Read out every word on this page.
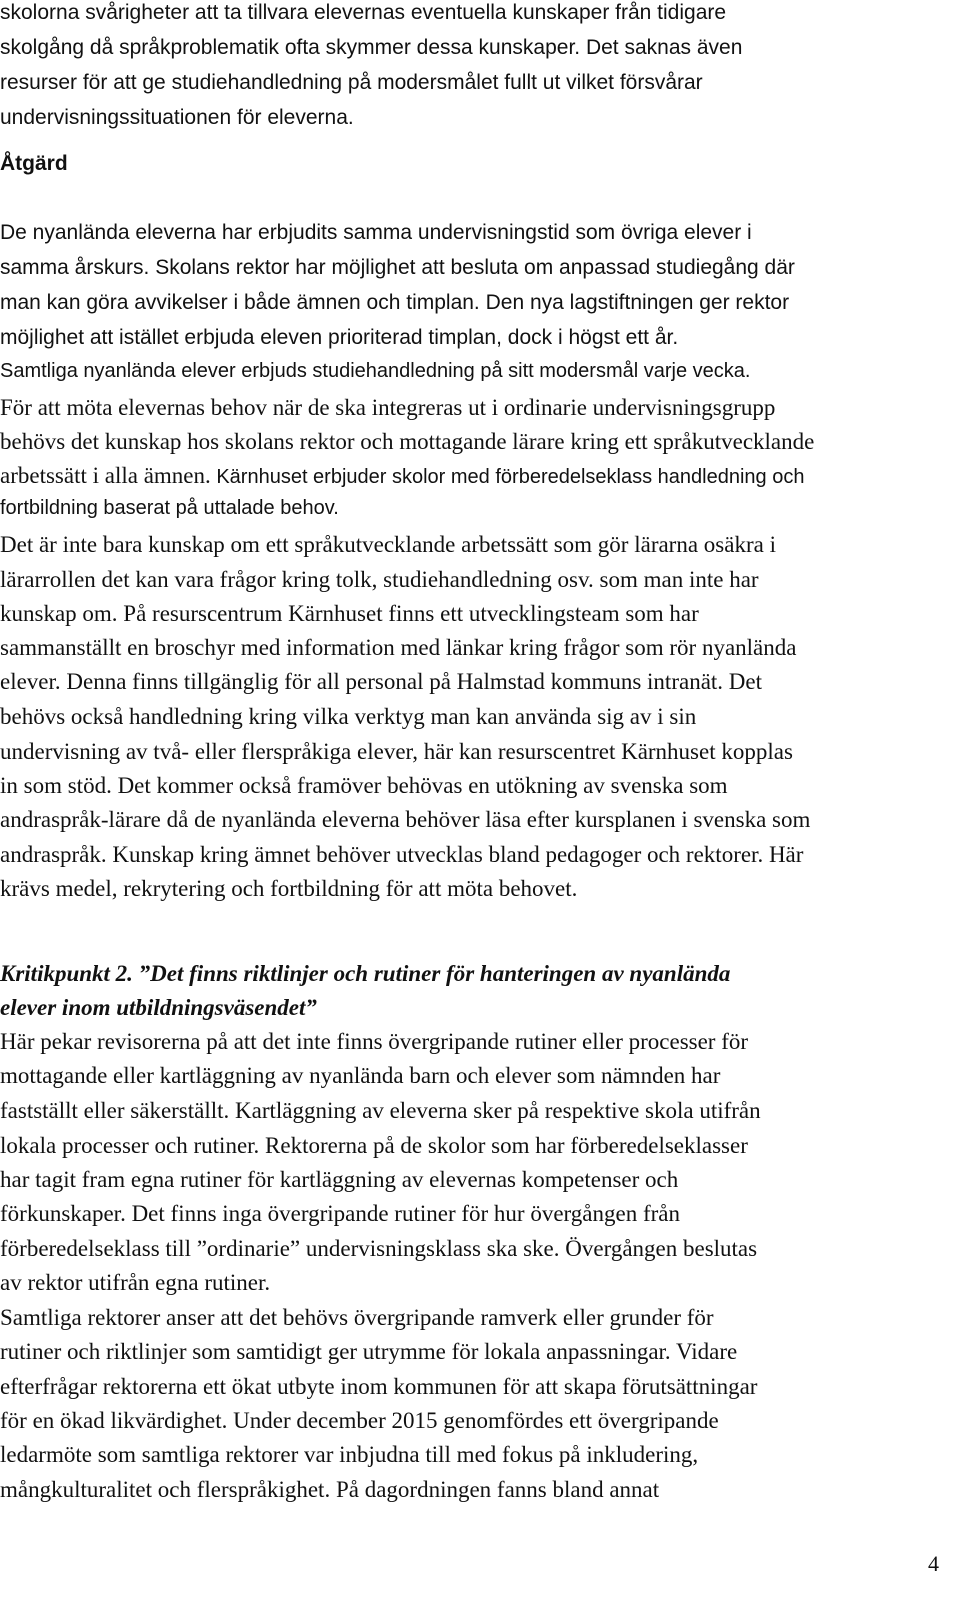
skolorna svårigheter att ta tillvara elevernas eventuella kunskaper från tidigare
skolgång då språkproblematik ofta skymmer dessa kunskaper. Det saknas även
resurser för att ge studiehandledning på modersmålet fullt ut vilket försvårar
undervisningssituationen för eleverna.
Åtgärd
De nyanlända eleverna har erbjudits samma undervisningstid som övriga elever i
samma årskurs. Skolans rektor har möjlighet att besluta om anpassad studiegång där
man kan göra avvikelser i både ämnen och timplan. Den nya lagstiftningen ger rektor
möjlighet att istället erbjuda eleven prioriterad timplan, dock i högst ett år.
Samtliga nyanlända elever erbjuds studiehandledning på sitt modersmål varje vecka.
För att möta elevernas behov när de ska integreras ut i ordinarie undervisningsgrupp
behövs det kunskap hos skolans rektor och mottagande lärare kring ett språkutvecklande
arbetssätt i alla ämnen. Kärnhuset erbjuder skolor med förberedelseklass handledning och
fortbildning baserat på uttalade behov.
Det är inte bara kunskap om ett språkutvecklande arbetssätt som gör lärarna osäkra i
lärarrollen det kan vara frågor kring tolk, studiehandledning osv. som man inte har
kunskap om. På resurscentrum Kärnhuset finns ett utvecklingsteam som har
sammanställt en broschyr med information med länkar kring frågor som rör nyanlända
elever. Denna finns tillgänglig för all personal på Halmstad kommuns intranät. Det
behövs också handledning kring vilka verktyg man kan använda sig av i sin
undervisning av två- eller flerspråkiga elever, här kan resurscentret Kärnhuset kopplas
in som stöd. Det kommer också framöver behövas en utökning av svenska som
andraspråk-lärare då de nyanlända eleverna behöver läsa efter kursplanen i svenska som
andraspråk. Kunskap kring ämnet behöver utvecklas bland pedagoger och rektorer. Här
krävs medel, rekrytering och fortbildning för att möta behovet.
Kritikpunkt 2. ”Det finns riktlinjer och rutiner för hanteringen av nyanlända
elever inom utbildningsväsendet”
Här pekar revisorerna på att det inte finns övergripande rutiner eller processer för
mottagande eller kartläggning av nyanlända barn och elever som nämnden har
fastställt eller säkerställt. Kartläggning av eleverna sker på respektive skola utifrån
lokala processer och rutiner. Rektorerna på de skolor som har förberedelseklasser
har tagit fram egna rutiner för kartläggning av elevernas kompetenser och
förkunskaper. Det finns inga övergripande rutiner för hur övergången från
förberedelseklass till ”ordinarie” undervisningsklass ska ske. Övergången beslutas
av rektor utifrån egna rutiner.
Samtliga rektorer anser att det behövs övergripande ramverk eller grunder för
rutiner och riktlinjer som samtidigt ger utrymme för lokala anpassningar. Vidare
efterfrågar rektorerna ett ökat utbyte inom kommunen för att skapa förutsättningar
för en ökad likvärdighet. Under december 2015 genomfördes ett övergripande
ledarmöte som samtliga rektorer var inbjudna till med fokus på inkludering,
mångkulturalitet och flerspråkighet. På dagordningen fanns bland annat
4
